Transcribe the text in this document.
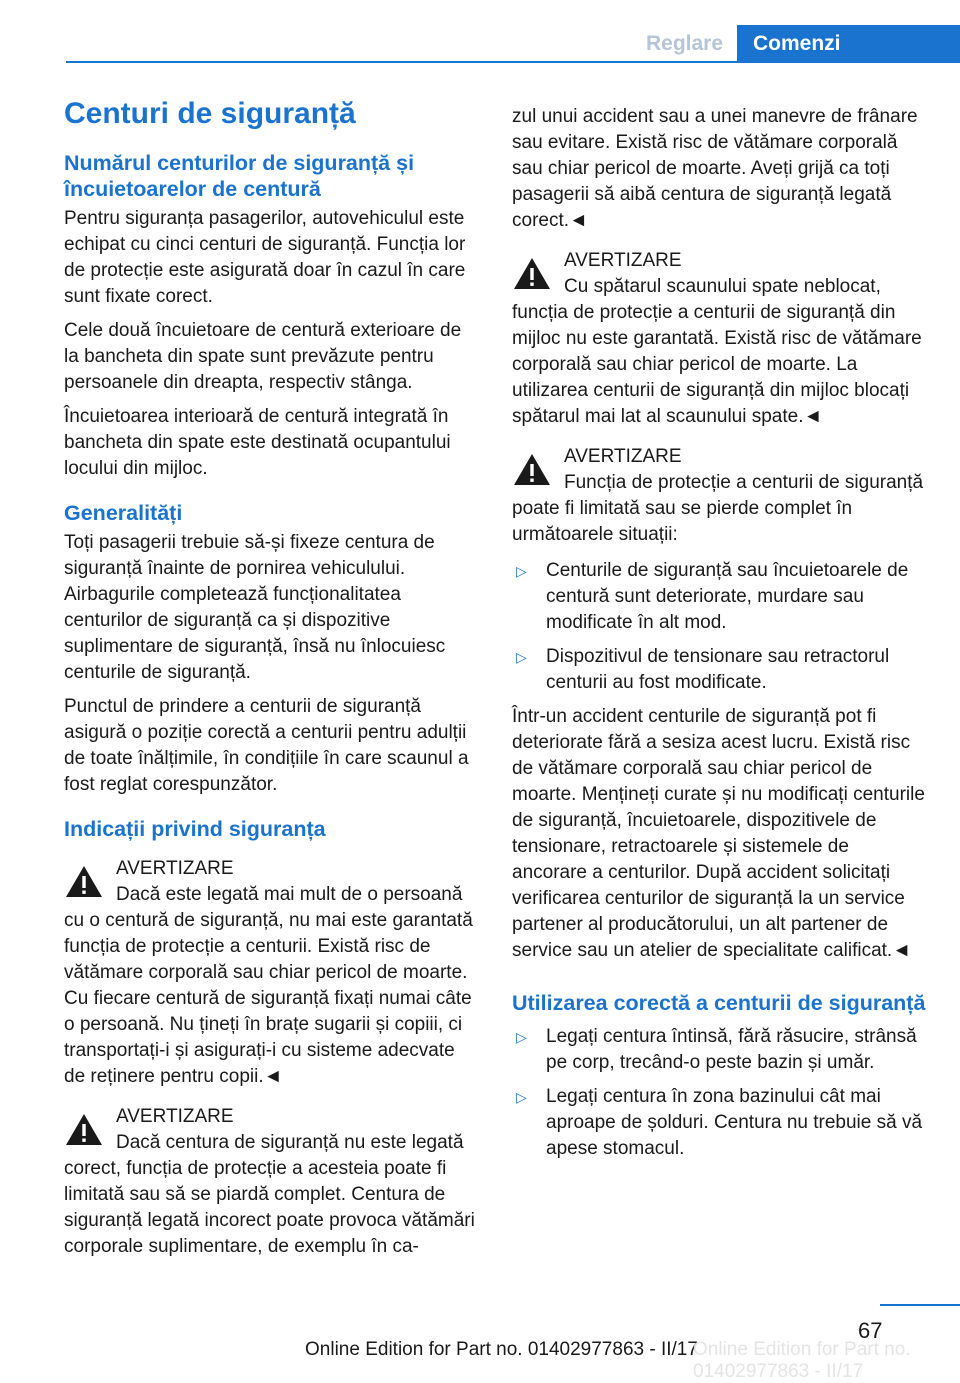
Reglare	Comenzi
Centuri de siguranță
Numărul centurilor de siguranță și încuietoarelor de centură

Pentru siguranța pasagerilor, autovehiculul este echipat cu cinci centuri de siguranță. Funcția lor de protecție este asigurată doar în cazul în care sunt fixate corect.

Cele două încuietoare de centură exterioare de la bancheta din spate sunt prevăzute pentru persoanele din dreapta, respectiv stânga.

Încuietoarea interioară de centură integrată în bancheta din spate este destinată ocupantului locului din mijloc.

Generalități

Toți pasagerii trebuie să-și fixeze centura de siguranță înainte de pornirea vehiculului. Airbagurile completează funcționalitatea centurilor de siguranță ca și dispozitive suplimentare de siguranță, însă nu înlocuiesc centurile de siguranță.

Punctul de prindere a centurii de siguranță asigură o poziție corectă a centurii pentru adulții de toate înălțimile, în condițiile în care scaunul a fost reglat corespunzător.

Indicații privind siguranța
AVERTIZARE
Dacă este legată mai mult de o persoană cu o centură de siguranță, nu mai este garantată funcția de protecție a centurii. Există risc de vătămare corporală sau chiar pericol de moarte. Cu fiecare centură de siguranță fixați numai câte o persoană. Nu țineți în brațe sugarii și copiii, ci transportați-i și asigurați-i cu sisteme adecvate de reținere pentru copii.◄
AVERTIZARE
Dacă centura de siguranță nu este legată corect, funcția de protecție a acesteia poate fi limitată sau să se piardă complet. Centura de siguranță legată incorect poate provoca vătămări corporale suplimentare, de exemplu în ca-

zul unui accident sau a unei manevre de frânare sau evitare. Există risc de vătămare corporală sau chiar pericol de moarte. Aveți grijă ca toți pasagerii să aibă centura de siguranță legată corect.◄

AVERTIZARE
Cu spătarul scaunului spate neblocat, funcția de protecție a centurii de siguranță din mijloc nu este garantată. Există risc de vătămare corporală sau chiar pericol de moarte. La utilizarea centurii de siguranță din mijloc blocați spătarul mai lat al scaunului spate.◄
AVERTIZARE
Funcția de protecție a centurii de siguranță poate fi limitată sau se pierde complet în următoarele situații:
▷ Centurile de siguranță sau încuietoarele de centură sunt deteriorate, murdare sau modificate în alt mod.
▷ Dispozitivul de tensionare sau retractorul centurii au fost modificate.

Într-un accident centurile de siguranță pot fi deteriorate fără a sesiza acest lucru. Există risc de vătămare corporală sau chiar pericol de moarte. Mențineți curate și nu modificați centurile de siguranță, încuietoarele, dispozitivele de tensionare, retractoarele și sistemele de ancorare a centurilor. După accident solicitați verificarea centurilor de siguranță la un service partener al producătorului, un alt partener de service sau un atelier de specialitate calificat.◄

Utilizarea corectă a centurii de siguranță
▷ Legați centura întinsă, fără răsucire, strânsă pe corp, trecând-o peste bazin și umăr.
▷ Legați centura în zona bazinului cât mai aproape de șolduri. Centura nu trebuie să vă apese stomacul.
67
Online Edition for Part no. 01402977863 - II/17
Online Edition for Part no. 01402977863 - II/17
